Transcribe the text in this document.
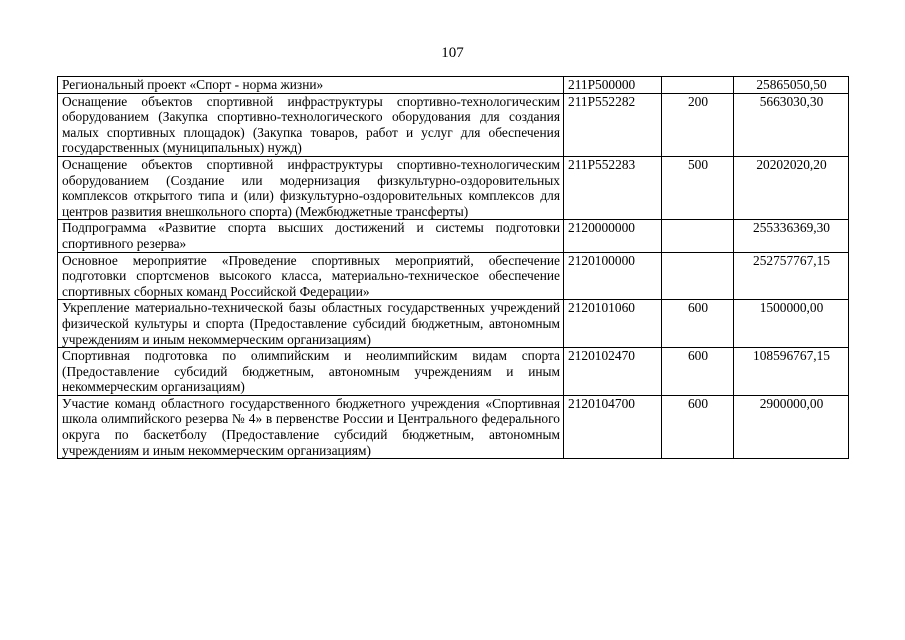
107
Региональный проект «Спорт - норма жизни»	211P500000		25865050,50
Оснащение объектов спортивной инфраструктуры спортивно-технологическим оборудованием (Закупка спортивно-технологического оборудования для создания малых спортивных площадок) (Закупка товаров, работ и услуг для обеспечения государственных (муниципальных) нужд)	211P552282	200	5663030,30
Оснащение объектов спортивной инфраструктуры спортивно-технологическим оборудованием (Создание или модернизация физкультурно-оздоровительных комплексов открытого типа и (или) физкультурно-оздоровительных комплексов для центров развития внешкольного спорта) (Межбюджетные трансферты)	211P552283	500	20202020,20
Подпрограмма «Развитие спорта высших достижений и системы подготовки спортивного резерва»	2120000000		255336369,30
Основное мероприятие «Проведение спортивных мероприятий, обеспечение подготовки спортсменов высокого класса, материально-техническое обеспечение спортивных сборных команд Российской Федерации»	2120100000		252757767,15
Укрепление материально-технической базы областных государственных учреждений физической культуры и спорта (Предоставление субсидий бюджетным, автономным учреждениям и иным некоммерческим организациям)	2120101060	600	1500000,00
Спортивная подготовка по олимпийским и неолимпийским видам спорта (Предоставление субсидий бюджетным, автономным учреждениям и иным некоммерческим организациям)	2120102470	600	108596767,15
Участие команд областного государственного бюджетного учреждения «Спортивная школа олимпийского резерва № 4» в первенстве России и Центрального федерального округа по баскетболу (Предоставление субсидий бюджетным, автономным учреждениям и иным некоммерческим организациям)	2120104700	600	2900000,00
